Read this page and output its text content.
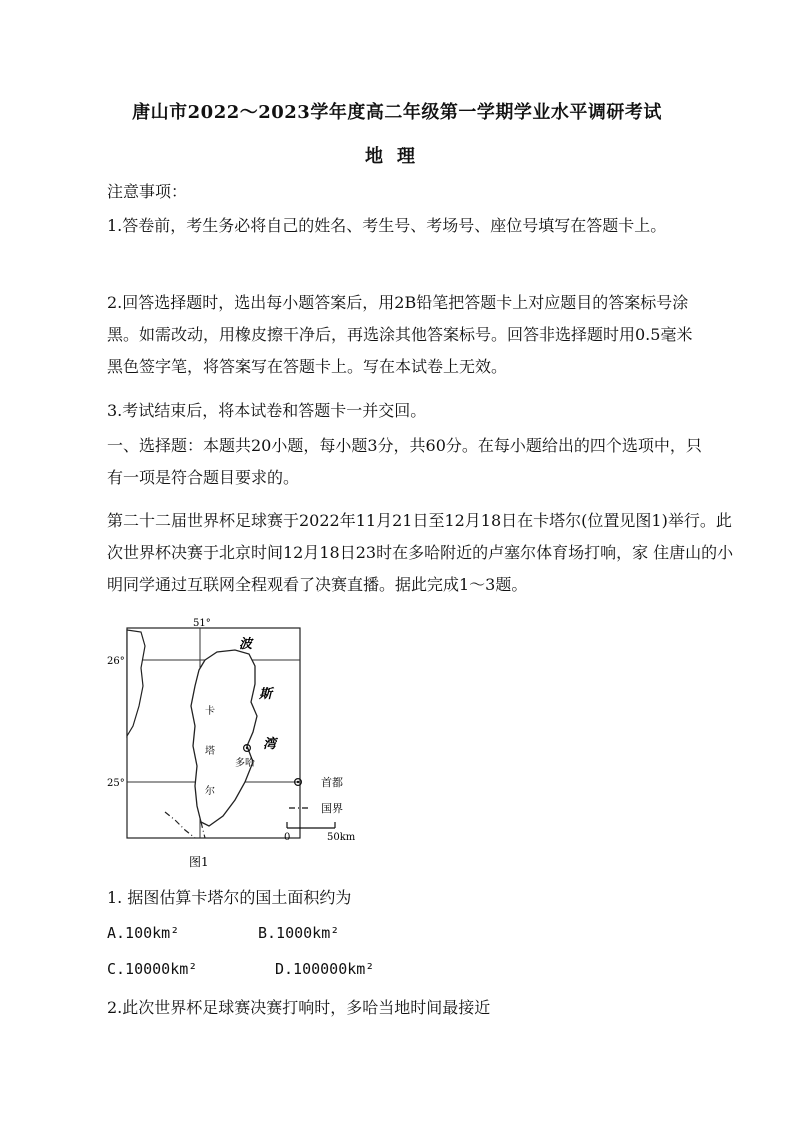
唐山市2022～2023学年度高二年级第一学期学业水平调研考试
地理

注意事项：

1.答卷前，考生务必将自己的姓名、考生号、考场号、座位号填写在答题卡上。

2.回答选择题时，选出每小题答案后，用2B铅笔把答题卡上对应题目的答案标号涂黑。如需改动，用橡皮擦干净后，再选涂其他答案标号。回答非选择题时用0.5毫米黑色签字笔，将答案写在答题卡上。写在本试卷上无效。

3.考试结束后，将本试卷和答题卡一并交回。

一、选择题：本题共20小题，每小题3分，共60分。在每小题给出的四个选项中，只有一项是符合题目要求的。

第二十二届世界杯足球赛于2022年11月21日至12月18日在卡塔尔(位置见图1)举行。此次世界杯决赛于北京时间12月18日23时在多哈附近的卢塞尔体育场打响，家 住唐山的小明同学通过互联网全程观看了决赛直播。据此完成1～3题。

51°
26°
25°
波
斯
湾
卡
塔
尔
多哈
首都
国界
0	50km
图1

1. 据图估算卡塔尔的国土面积约为

A.100km²	B.1000km²
C.10000km²	D.100000km²

2.此次世界杯足球赛决赛打响时，多哈当地时间最接近
